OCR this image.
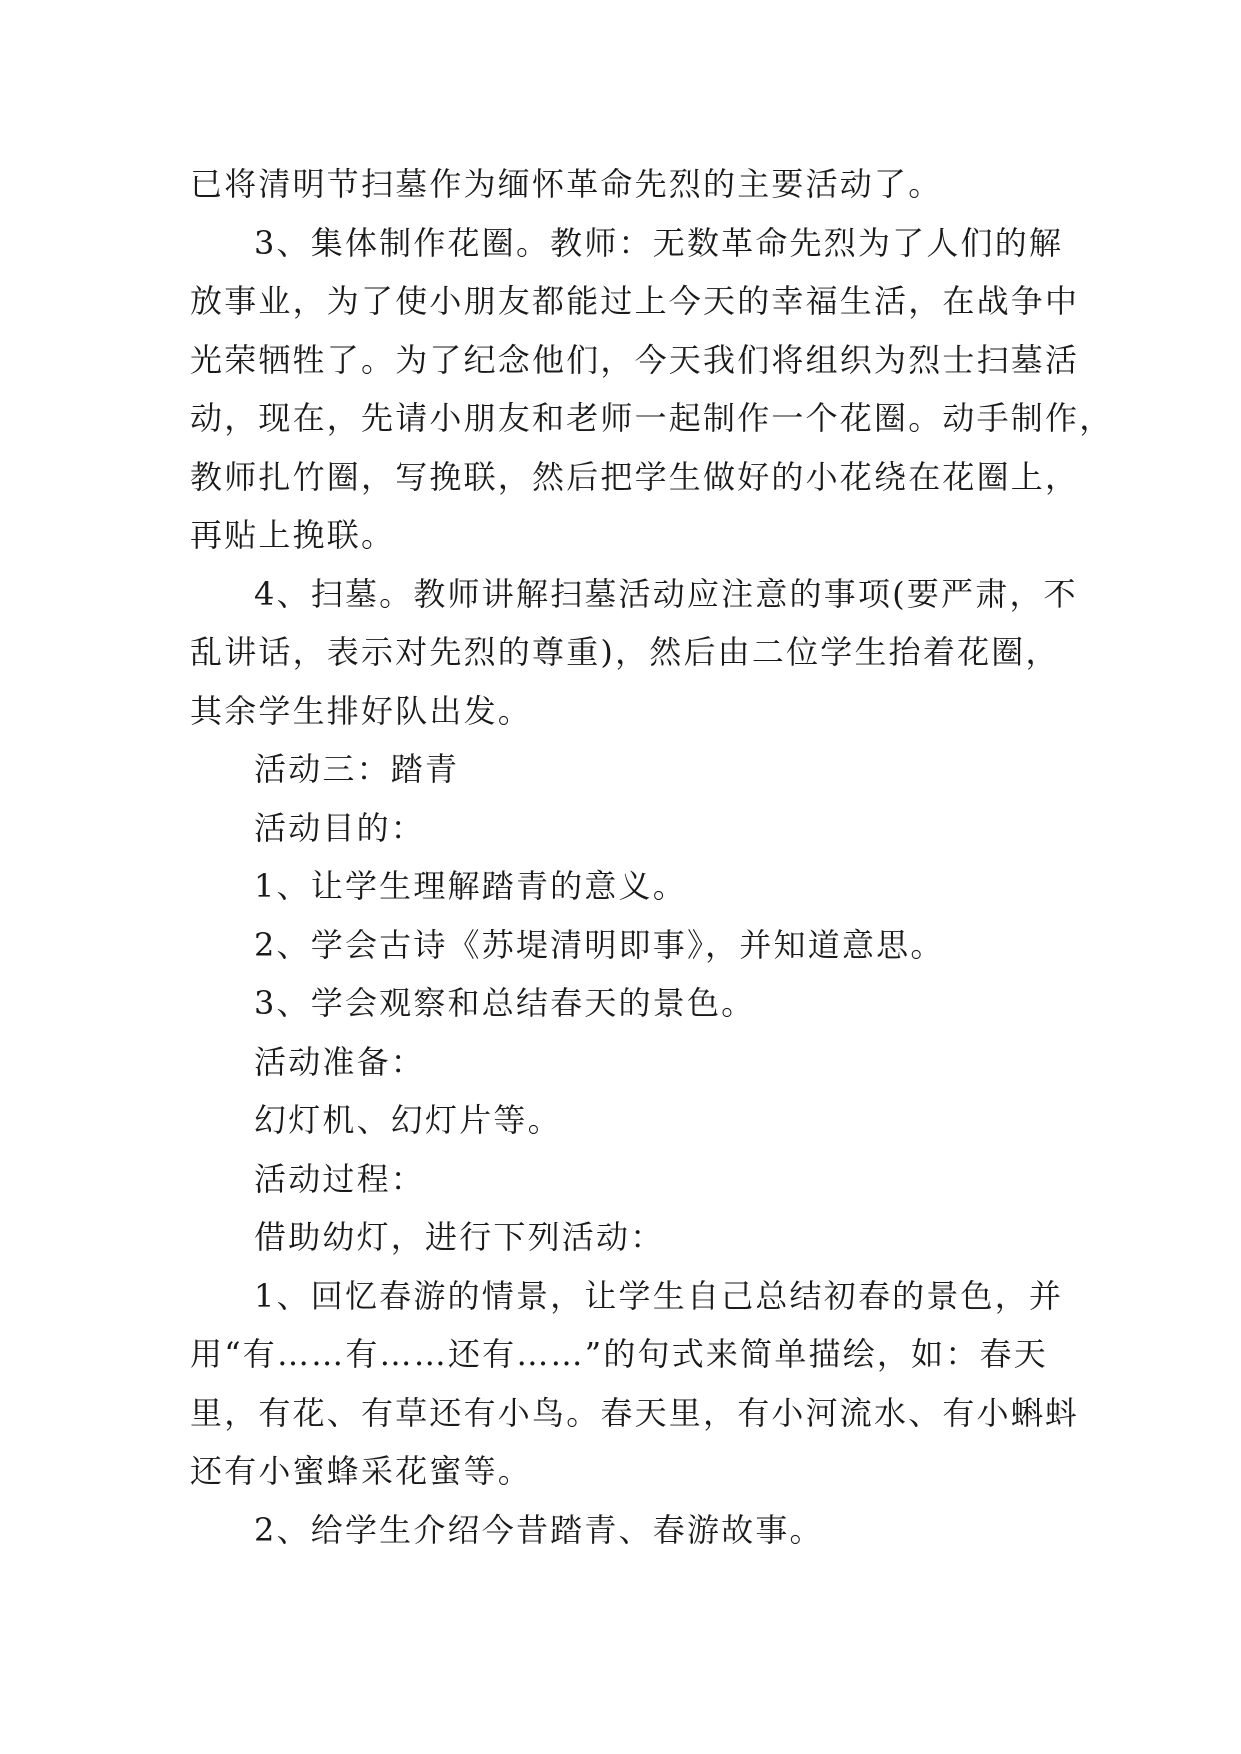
已将清明节扫墓作为缅怀革命先烈的主要活动了。

3、集体制作花圈。教师：无数革命先烈为了人们的解
放事业，为了使小朋友都能过上今天的幸福生活，在战争中
光荣牺牲了。为了纪念他们，今天我们将组织为烈士扫墓活
动，现在，先请小朋友和老师一起制作一个花圈。动手制作，
教师扎竹圈，写挽联，然后把学生做好的小花绕在花圈上，
再贴上挽联。

4、扫墓。教师讲解扫墓活动应注意的事项(要严肃，不
乱讲话，表示对先烈的尊重)，然后由二位学生抬着花圈，
其余学生排好队出发。

活动三：踏青

活动目的：

1、让学生理解踏青的意义。

2、学会古诗《苏堤清明即事》，并知道意思。

3、学会观察和总结春天的景色。

活动准备：

幻灯机、幻灯片等。

活动过程：

借助幼灯，进行下列活动：

1、回忆春游的情景，让学生自己总结初春的景色，并
用“有……有……还有……”的句式来简单描绘，如：春天
里，有花、有草还有小鸟。春天里，有小河流水、有小蝌蚪
还有小蜜蜂采花蜜等。

2、给学生介绍今昔踏青、春游故事。
